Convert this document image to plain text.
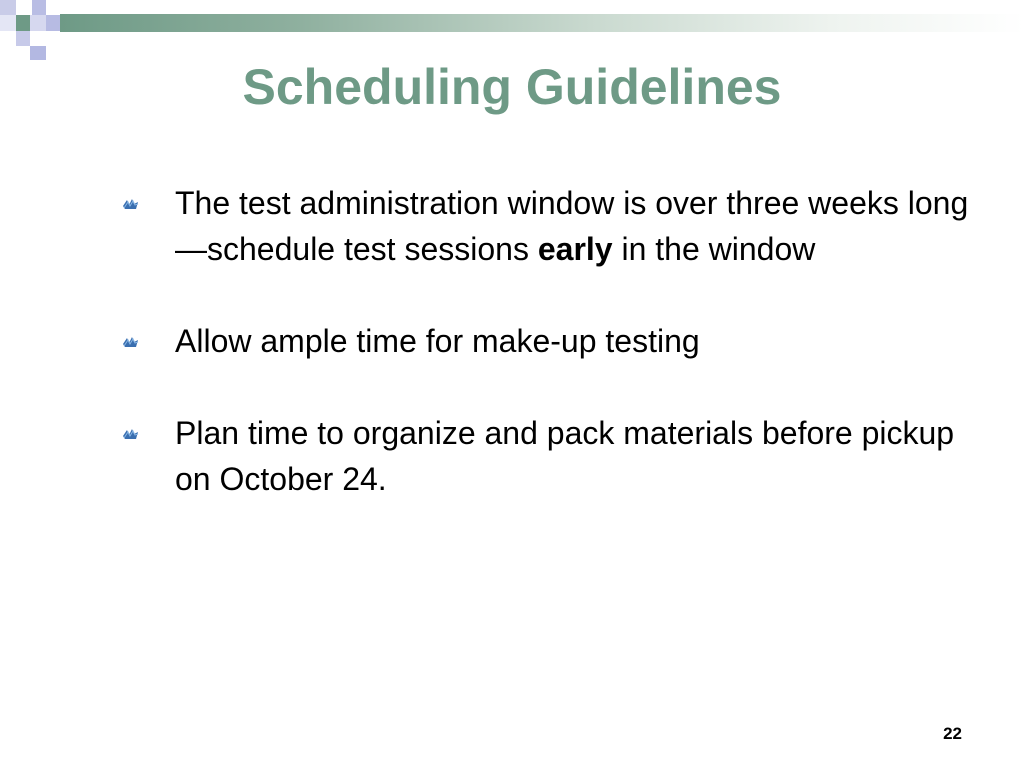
Scheduling Guidelines
The test administration window is over three weeks long—schedule test sessions early in the window
Allow ample time for make-up testing
Plan time to organize and pack materials before pickup on October 24.
22
